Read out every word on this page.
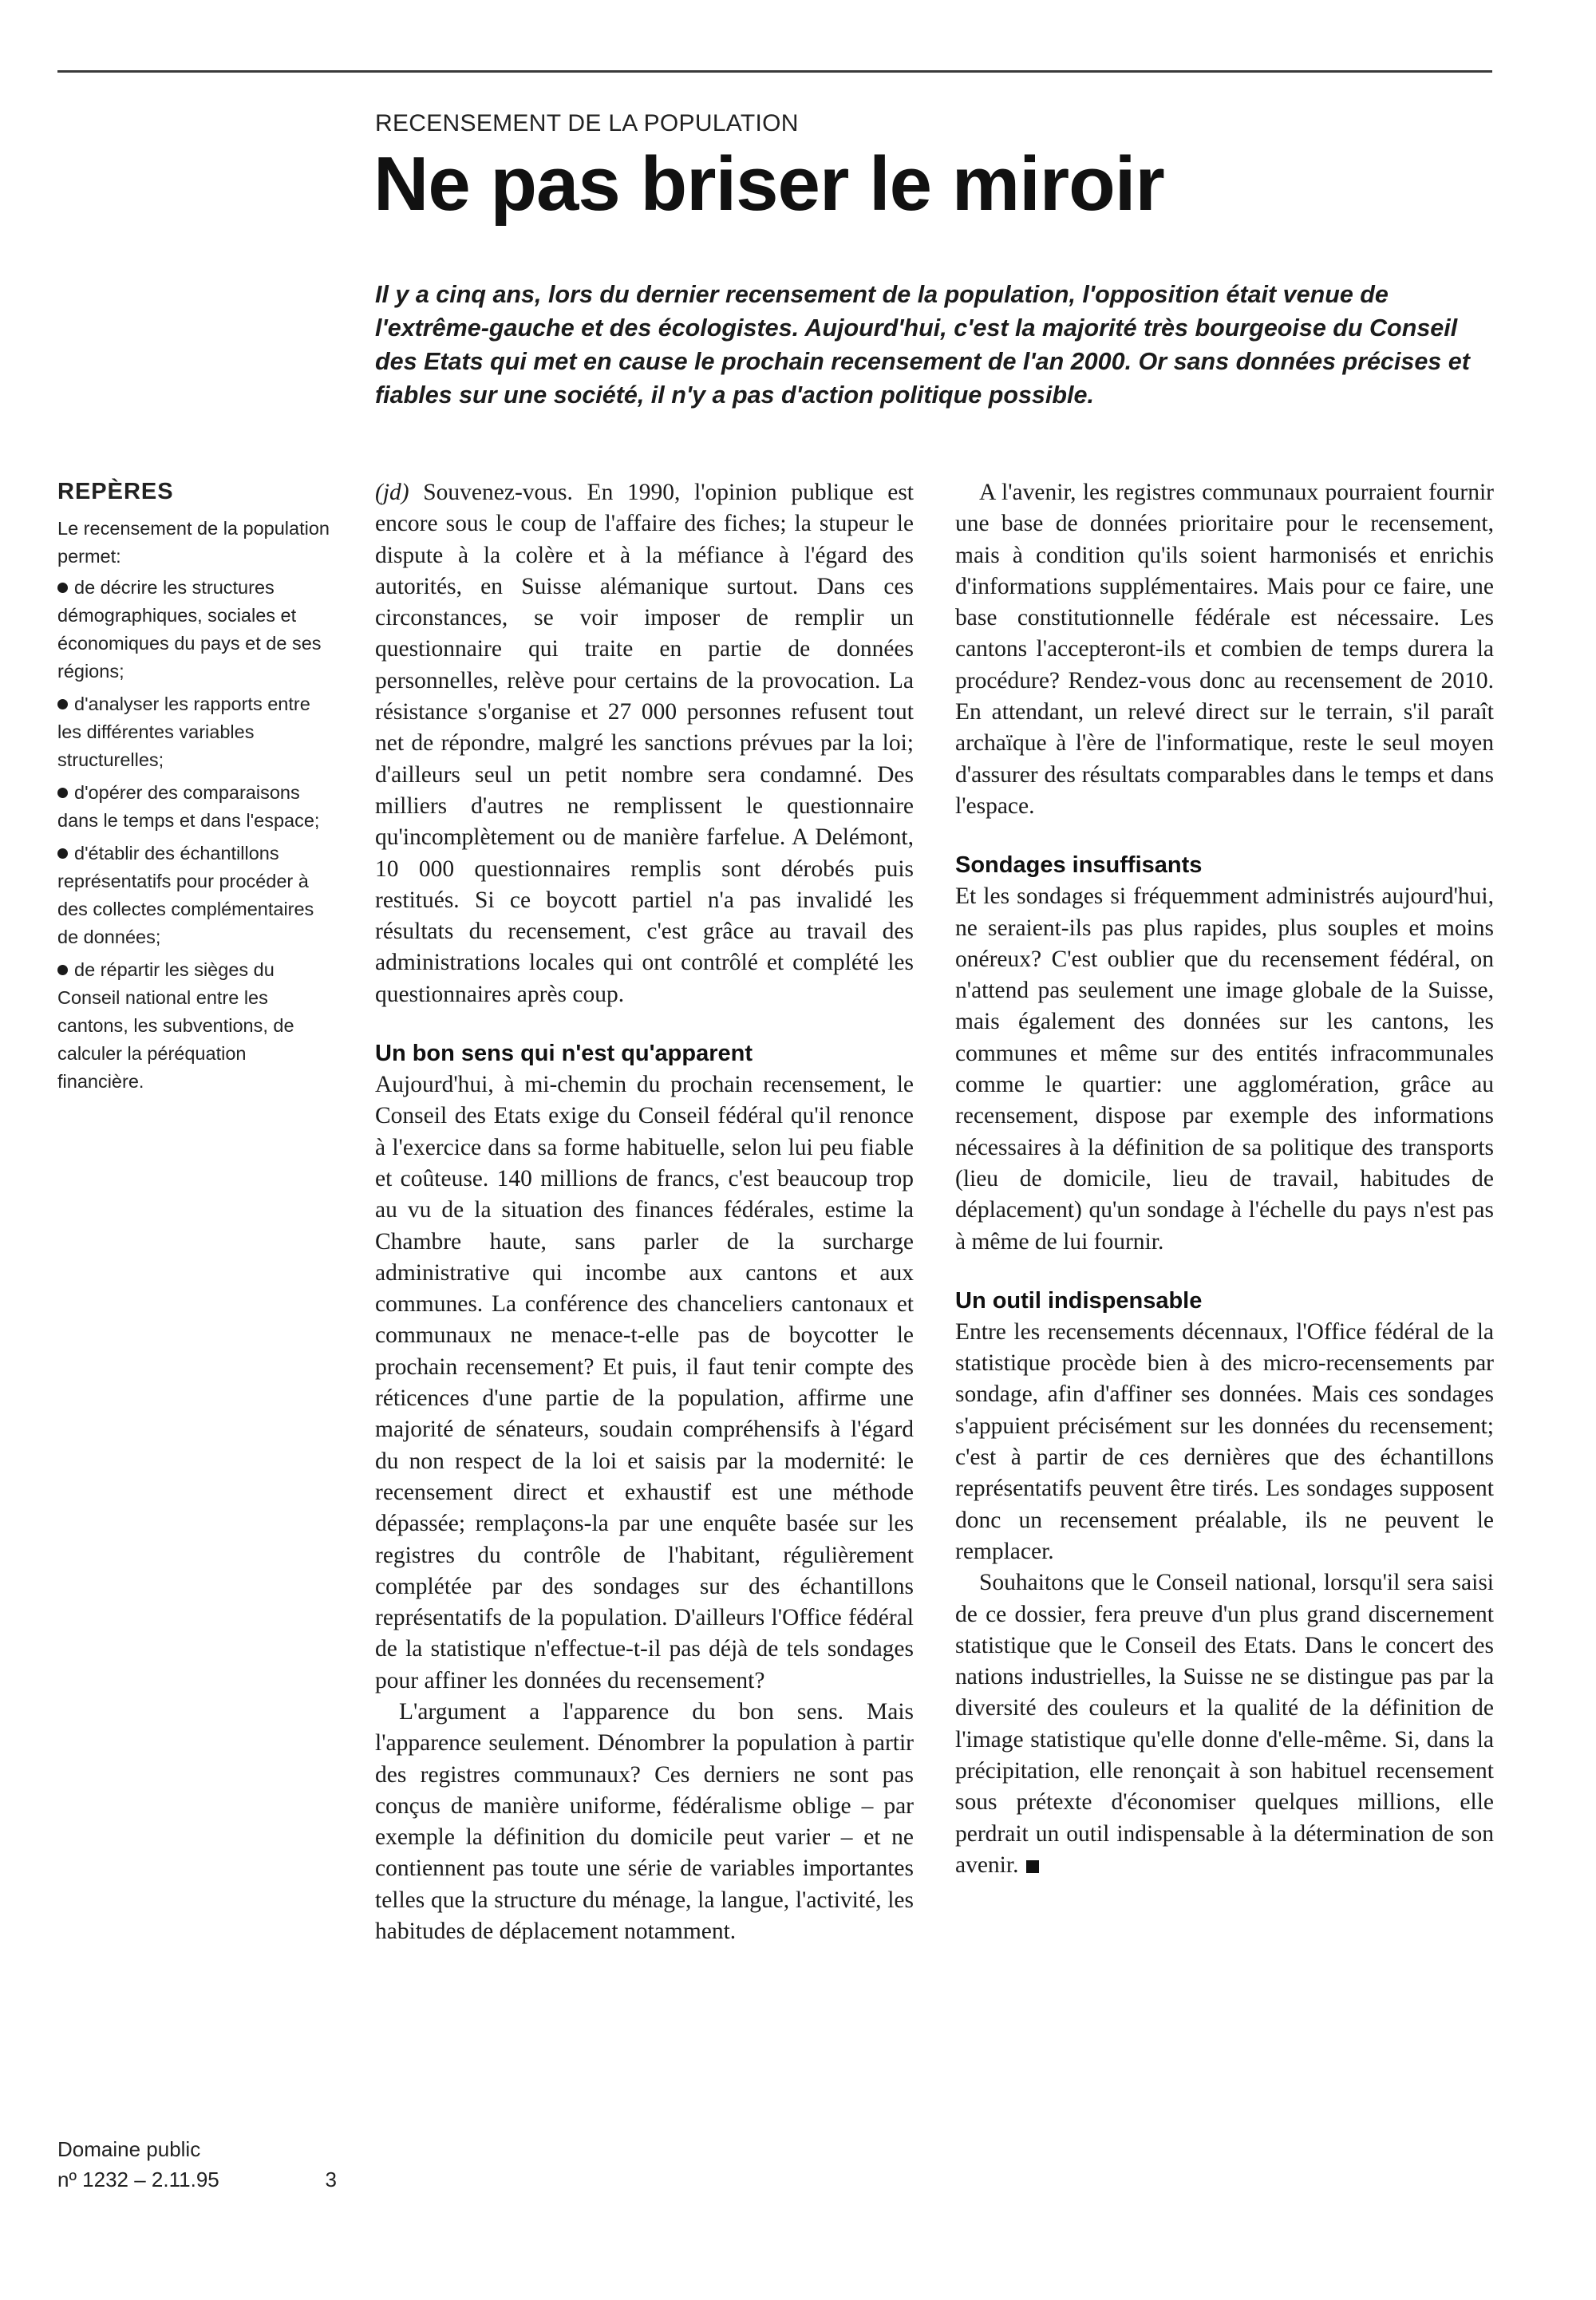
RECENSEMENT DE LA POPULATION
Ne pas briser le miroir

Il y a cinq ans, lors du dernier recensement de la population, l'opposition était venue de l'extrême-gauche et des écologistes. Aujourd'hui, c'est la majorité très bourgeoise du Conseil des Etats qui met en cause le prochain recensement de l'an 2000. Or sans données précises et fiables sur une société, il n'y a pas d'action politique possible.

REPÈRES
Le recensement de la population permet:
de décrire les structures démographiques, sociales et économiques du pays et de ses régions;
d'analyser les rapports entre les différentes variables structurelles;
d'opérer des comparaisons dans le temps et dans l'espace;
d'établir des échantillons représentatifs pour procéder à des collectes complémentaires de données;
de répartir les sièges du Conseil national entre les cantons, les subventions, de calculer la péréquation financière.
Domaine public
nº 1232 – 2.11.95	3

(jd) Souvenez-vous. En 1990, l'opinion publique est encore sous le coup de l'affaire des fiches; la stupeur le dispute à la colère et à la méfiance à l'égard des autorités, en Suisse alémanique surtout. Dans ces circonstances, se voir imposer de remplir un questionnaire qui traite en partie de données personnelles, relève pour certains de la provocation. La résistance s'organise et 27 000 personnes refusent tout net de répondre, malgré les sanctions prévues par la loi; d'ailleurs seul un petit nombre sera condamné. Des milliers d'autres ne remplissent le questionnaire qu'incomplètement ou de manière farfelue. A Delémont, 10 000 questionnaires remplis sont dérobés puis restitués. Si ce boycott partiel n'a pas invalidé les résultats du recensement, c'est grâce au travail des administrations locales qui ont contrôlé et complété les questionnaires après coup.

Un bon sens qui n'est qu'apparent

Aujourd'hui, à mi-chemin du prochain recensement, le Conseil des Etats exige du Conseil fédéral qu'il renonce à l'exercice dans sa forme habituelle, selon lui peu fiable et coûteuse. 140 millions de francs, c'est beaucoup trop au vu de la situation des finances fédérales, estime la Chambre haute, sans parler de la surcharge administrative qui incombe aux cantons et aux communes. La conférence des chanceliers cantonaux et communaux ne menace-t-elle pas de boycotter le prochain recensement? Et puis, il faut tenir compte des réticences d'une partie de la population, affirme une majorité de sénateurs, soudain compréhensifs à l'égard du non respect de la loi et saisis par la modernité: le recensement direct et exhaustif est une méthode dépassée; remplaçons-la par une enquête basée sur les registres du contrôle de l'habitant, régulièrement complétée par des sondages sur des échantillons représentatifs de la population. D'ailleurs l'Office fédéral de la statistique n'effectue-t-il pas déjà de tels sondages pour affiner les données du recensement?

L'argument a l'apparence du bon sens. Mais l'apparence seulement. Dénombrer la population à partir des registres communaux? Ces derniers ne sont pas conçus de manière uniforme, fédéralisme oblige – par exemple la définition du domicile peut varier – et ne contiennent pas toute une série de variables importantes telles que la structure du ménage, la langue, l'activité, les habitudes de déplacement notamment.

A l'avenir, les registres communaux pourraient fournir une base de données prioritaire pour le recensement, mais à condition qu'ils soient harmonisés et enrichis d'informations supplémentaires. Mais pour ce faire, une base constitutionnelle fédérale est nécessaire. Les cantons l'accepteront-ils et combien de temps durera la procédure? Rendez-vous donc au recensement de 2010. En attendant, un relevé direct sur le terrain, s'il paraît archaïque à l'ère de l'informatique, reste le seul moyen d'assurer des résultats comparables dans le temps et dans l'espace.

Sondages insuffisants

Et les sondages si fréquemment administrés aujourd'hui, ne seraient-ils pas plus rapides, plus souples et moins onéreux? C'est oublier que du recensement fédéral, on n'attend pas seulement une image globale de la Suisse, mais également des données sur les cantons, les communes et même sur des entités infracommunales comme le quartier: une agglomération, grâce au recensement, dispose par exemple des informations nécessaires à la définition de sa politique des transports (lieu de domicile, lieu de travail, habitudes de déplacement) qu'un sondage à l'échelle du pays n'est pas à même de lui fournir.

Un outil indispensable

Entre les recensements décennaux, l'Office fédéral de la statistique procède bien à des micro-recensements par sondage, afin d'affiner ses données. Mais ces sondages s'appuient précisément sur les données du recensement; c'est à partir de ces dernières que des échantillons représentatifs peuvent être tirés. Les sondages supposent donc un recensement préalable, ils ne peuvent le remplacer.

Souhaitons que le Conseil national, lorsqu'il sera saisi de ce dossier, fera preuve d'un plus grand discernement statistique que le Conseil des Etats. Dans le concert des nations industrielles, la Suisse ne se distingue pas par la diversité des couleurs et la qualité de la définition de l'image statistique qu'elle donne d'elle-même. Si, dans la précipitation, elle renonçait à son habituel recensement sous prétexte d'économiser quelques millions, elle perdrait un outil indispensable à la détermination de son avenir.
